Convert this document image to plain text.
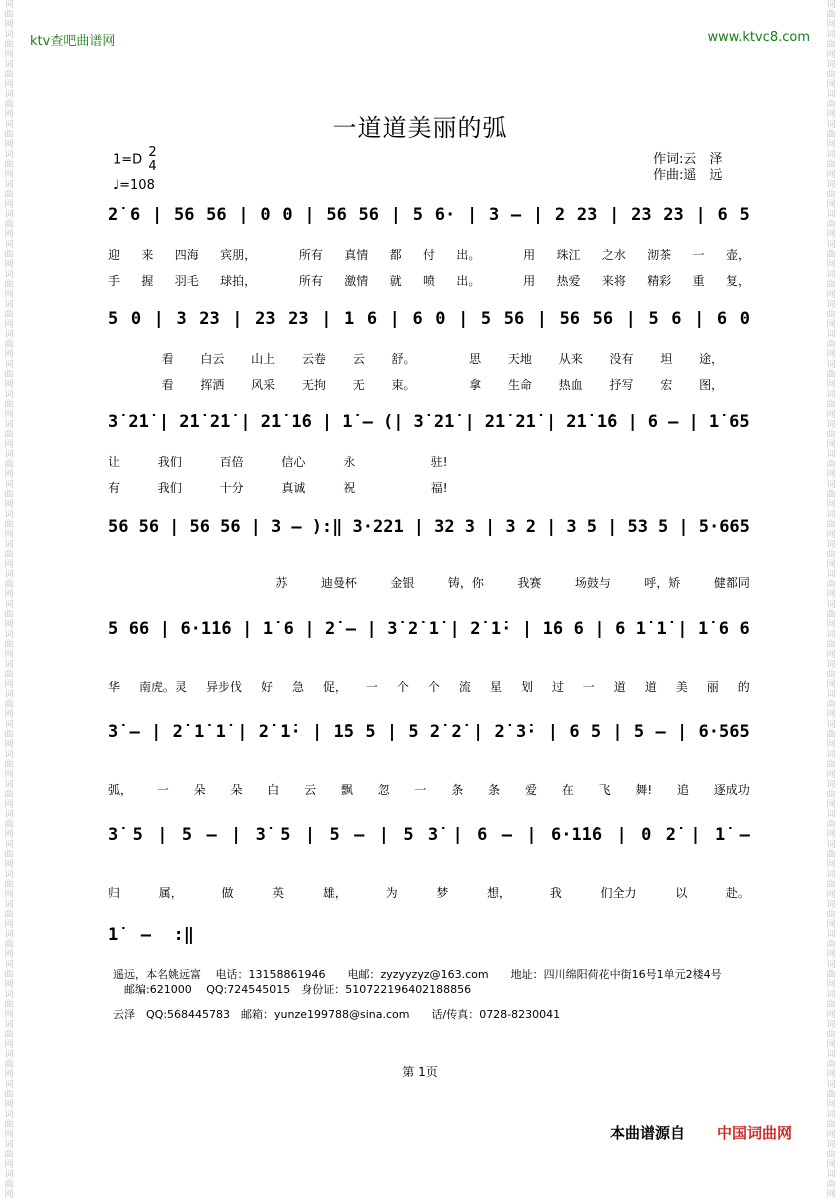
词曲网词曲网词曲网词曲网词曲网词曲网词曲网词曲网词曲网词曲网词曲网词曲网词曲网词曲网词曲网词曲网词曲网词曲网词曲网词曲网词曲网词曲网词曲网词曲网词曲网词曲网词曲网词曲网词曲网词曲网词曲网词曲网词曲网词曲网词曲网词曲网词曲网词曲网词曲网词曲网
词曲网词曲网词曲网词曲网词曲网词曲网词曲网词曲网词曲网词曲网词曲网词曲网词曲网词曲网词曲网词曲网词曲网词曲网词曲网词曲网词曲网词曲网词曲网词曲网词曲网词曲网词曲网词曲网词曲网词曲网词曲网词曲网词曲网词曲网词曲网词曲网词曲网词曲网词曲网词曲网
ktv查吧曲谱网	www.ktvc8.com
一道道美丽的弧
1=D 2
4
♩=108
作词:云　泽
作曲:遥　远
2̇ 6 | 56 56 | 0 0 | 56 56 | 5 6· | 3 — | 2 23 | 23 23 | 6 5
迎 来 四海 宾朋，	所有 真情 都 付 出。	用 珠江 之水 沏茶 一 壶，
手 握 羽毛 球拍，	所有 激情 就 喷 出。	用 热爱 来将 精彩 重 复，
5 0 | 3 23 | 23 23 | 1 6 | 6 0 | 5 56 | 56 56 | 5 6 | 6 0
看 白云 山上 云卷 云 舒。	思 天地 从来 没有 坦 途，
看 挥洒 风采 无拘 无 束。	拿 生命 热血 抒写 宏 图，
3̇ 2̇1̇ | 2̇1̇ 2̇1̇ | 2̇1̇ 1̇6 | 1̇ — (| 3̇ 2̇1̇ | 2̇1̇ 2̇1̇ | 2̇1̇ 1̇6 | 6 — | 1̇ 65
让	我们	百倍	信心	永	驻!
有	我们	十分	真诚	祝	福!
56 56 | 56 56 | 3 — ):‖ 3·221 | 32 3 | 3 2 | 3 5 | 53 5 | 5·665
苏	迪曼杯	金银	铸，你	我赛	场鼓与	呼，矫	健都同
5 66 | 6·1̇1̇6 | 1̇ 6 | 2̇ — | 3̇ 2̇ 1̇ | 2̇ 1̇· | 1̇6 6 | 6 1̇ 1̇ | 1̇ 6 6
华 南虎。灵 异步伐 好 急 促， 一 个 个 流 星 划 过 一 道 道 美 丽 的
3̇ — | 2̇ 1̇ 1̇ | 2̇ 1̇· | 1̇5 5 | 5 2̇ 2̇ | 2̇ 3̇· | 6 5 | 5 — | 6·565
弧， 一 朵 朵 白 云 飘 忽 一 条 条 爱 在 飞 舞! 追 逐成功
3̇ 5 | 5 — | 3̇ 5 | 5 — | 5 3̇ | 6 — | 6·1̇1̇6 | 0 2̇ | 1̇ —
归	属，	做	英	雄，	为	梦	想，	我	们全力	以	赴。
1̇ — :‖
遥远，本名姚远富　 电话：13158861946　　电邮：zyzyyzyz@163.com　　地址：四川绵阳荷花中街16号1单元2楼4号
　邮编:621000　 QQ:724545015　身份证：510722196402188856
云泽　QQ:568445783　邮箱：yunze199788@sina.com　　话/传真：0728-8230041
第 1页
本曲谱源自 中国词曲网
